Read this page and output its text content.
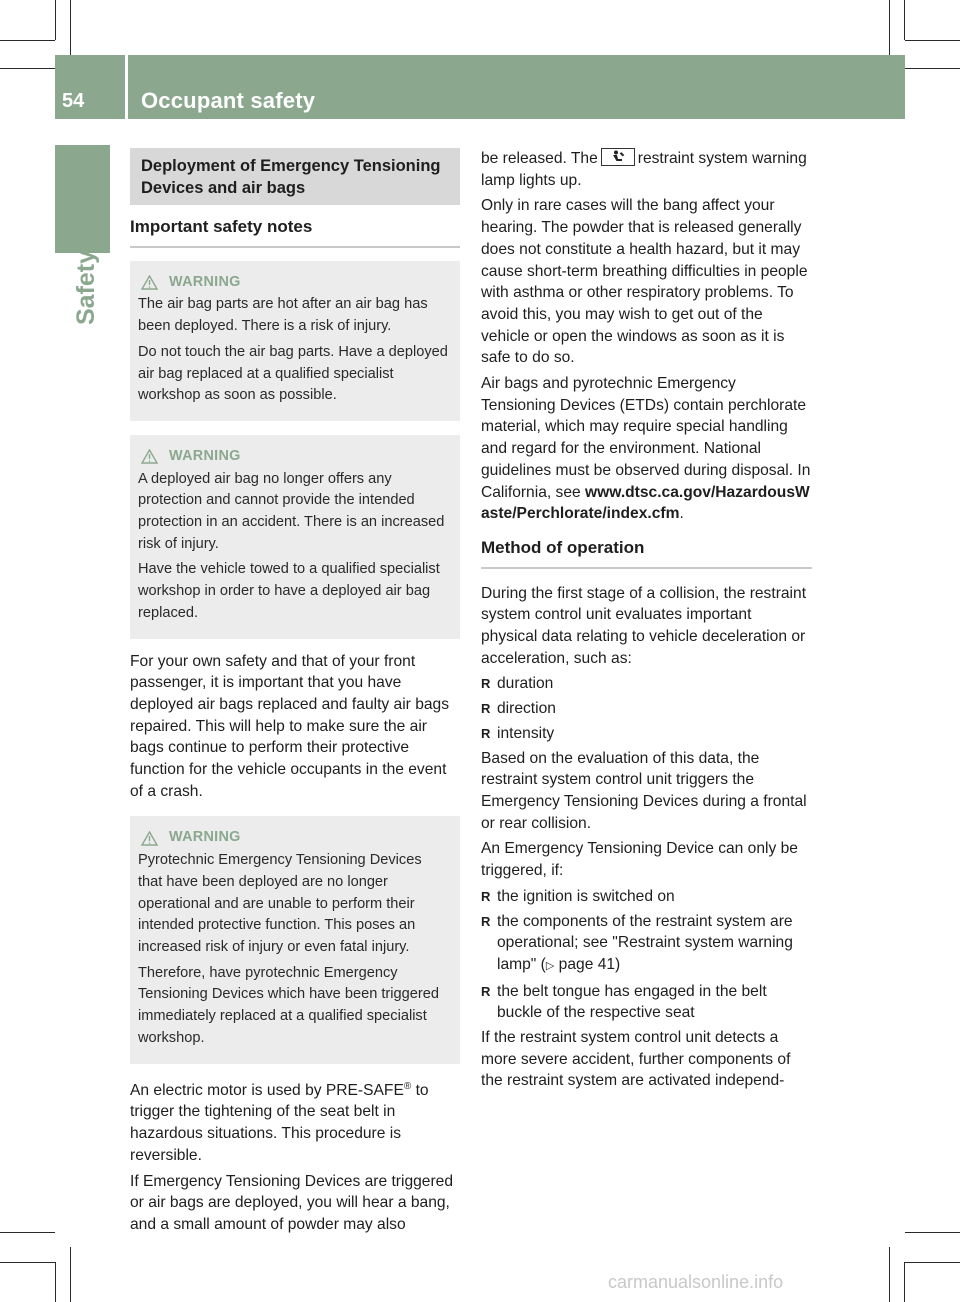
54	Occupant safety
Safety
Deployment of Emergency Tensioning Devices and air bags
Important safety notes
WARNING

The air bag parts are hot after an air bag has been deployed. There is a risk of injury.

Do not touch the air bag parts. Have a deployed air bag replaced at a qualified specialist workshop as soon as possible.

WARNING

A deployed air bag no longer offers any protection and cannot provide the intended protection in an accident. There is an increased risk of injury.

Have the vehicle towed to a qualified specialist workshop in order to have a deployed air bag replaced.

For your own safety and that of your front passenger, it is important that you have deployed air bags replaced and faulty air bags repaired. This will help to make sure the air bags continue to perform their protective function for the vehicle occupants in the event of a crash.

WARNING

Pyrotechnic Emergency Tensioning Devices that have been deployed are no longer operational and are unable to perform their intended protective function. This poses an increased risk of injury or even fatal injury.

Therefore, have pyrotechnic Emergency Tensioning Devices which have been triggered immediately replaced at a qualified specialist workshop.

An electric motor is used by PRE-SAFE® to trigger the tightening of the seat belt in hazardous situations. This procedure is reversible.

If Emergency Tensioning Devices are triggered or air bags are deployed, you will hear a bang, and a small amount of powder may also

be released. The	restraint system warning lamp lights up.

Only in rare cases will the bang affect your hearing. The powder that is released generally does not constitute a health hazard, but it may cause short-term breathing difficulties in people with asthma or other respiratory problems. To avoid this, you may wish to get out of the vehicle or open the windows as soon as it is safe to do so.

Air bags and pyrotechnic Emergency Tensioning Devices (ETDs) contain perchlorate material, which may require special handling and regard for the environment. National guidelines must be observed during disposal. In California, see www.dtsc.ca.gov/HazardousWaste/Perchlorate/index.cfm.

Method of operation

During the first stage of a collision, the restraint system control unit evaluates important physical data relating to vehicle deceleration or acceleration, such as:

R duration
R direction
R intensity

Based on the evaluation of this data, the restraint system control unit triggers the Emergency Tensioning Devices during a frontal or rear collision.

An Emergency Tensioning Device can only be triggered, if:

R the ignition is switched on
R the components of the restraint system are operational; see "Restraint system warning lamp" (▷ page 41)
R the belt tongue has engaged in the belt buckle of the respective seat

If the restraint system control unit detects a more severe accident, further components of the restraint system are activated independ-

carmanualsonline.info
